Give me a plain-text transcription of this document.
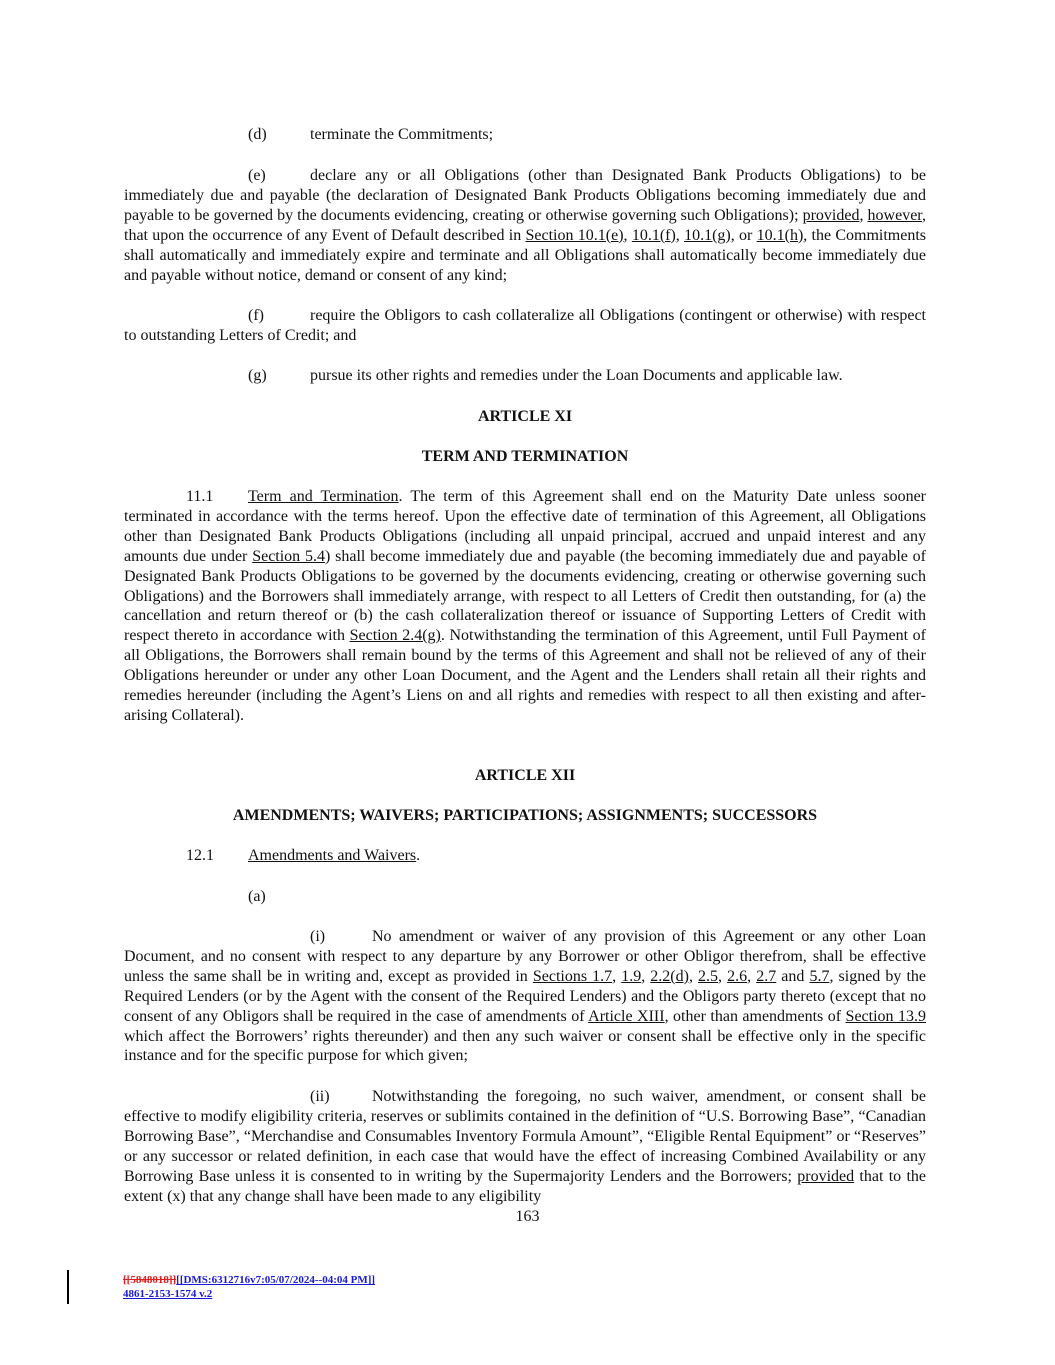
(d)	terminate the Commitments;
(e)	declare any or all Obligations (other than Designated Bank Products Obligations) to be immediately due and payable (the declaration of Designated Bank Products Obligations becoming immediately due and payable to be governed by the documents evidencing, creating or otherwise governing such Obligations); provided, however, that upon the occurrence of any Event of Default described in Section 10.1(e), 10.1(f), 10.1(g), or 10.1(h), the Commitments shall automatically and immediately expire and terminate and all Obligations shall automatically become immediately due and payable without notice, demand or consent of any kind;
(f)	require the Obligors to cash collateralize all Obligations (contingent or otherwise) with respect to outstanding Letters of Credit; and
(g)	pursue its other rights and remedies under the Loan Documents and applicable law.
ARTICLE XI
TERM AND TERMINATION
11.1	Term and Termination. The term of this Agreement shall end on the Maturity Date unless sooner terminated in accordance with the terms hereof. Upon the effective date of termination of this Agreement, all Obligations other than Designated Bank Products Obligations (including all unpaid principal, accrued and unpaid interest and any amounts due under Section 5.4) shall become immediately due and payable (the becoming immediately due and payable of Designated Bank Products Obligations to be governed by the documents evidencing, creating or otherwise governing such Obligations) and the Borrowers shall immediately arrange, with respect to all Letters of Credit then outstanding, for (a) the cancellation and return thereof or (b) the cash collateralization thereof or issuance of Supporting Letters of Credit with respect thereto in accordance with Section 2.4(g). Notwithstanding the termination of this Agreement, until Full Payment of all Obligations, the Borrowers shall remain bound by the terms of this Agreement and shall not be relieved of any of their Obligations hereunder or under any other Loan Document, and the Agent and the Lenders shall retain all their rights and remedies hereunder (including the Agent’s Liens on and all rights and remedies with respect to all then existing and after-arising Collateral).
ARTICLE XII
AMENDMENTS; WAIVERS; PARTICIPATIONS; ASSIGNMENTS; SUCCESSORS
12.1 Amendments and Waivers.
(a)
(i)	No amendment or waiver of any provision of this Agreement or any other Loan Document, and no consent with respect to any departure by any Borrower or other Obligor therefrom, shall be effective unless the same shall be in writing and, except as provided in Sections 1.7, 1.9, 2.2(d), 2.5, 2.6, 2.7 and 5.7, signed by the Required Lenders (or by the Agent with the consent of the Required Lenders) and the Obligors party thereto (except that no consent of any Obligors shall be required in the case of amendments of Article XIII, other than amendments of Section 13.9 which affect the Borrowers’ rights thereunder) and then any such waiver or consent shall be effective only in the specific instance and for the specific purpose for which given;
(ii)	Notwithstanding the foregoing, no such waiver, amendment, or consent shall be effective to modify eligibility criteria, reserves or sublimits contained in the definition of “U.S. Borrowing Base”, “Canadian Borrowing Base”, “Merchandise and Consumables Inventory Formula Amount”, “Eligible Rental Equipment” or “Reserves” or any successor or related definition, in each case that would have the effect of increasing Combined Availability or any Borrowing Base unless it is consented to in writing by the Supermajority Lenders and the Borrowers; provided that to the extent (x) that any change shall have been made to any eligibility
163
[[5848018]][[DMS:6312716v7:05/07/2024--04:04 PM]]
4861-2153-1574 v.2
